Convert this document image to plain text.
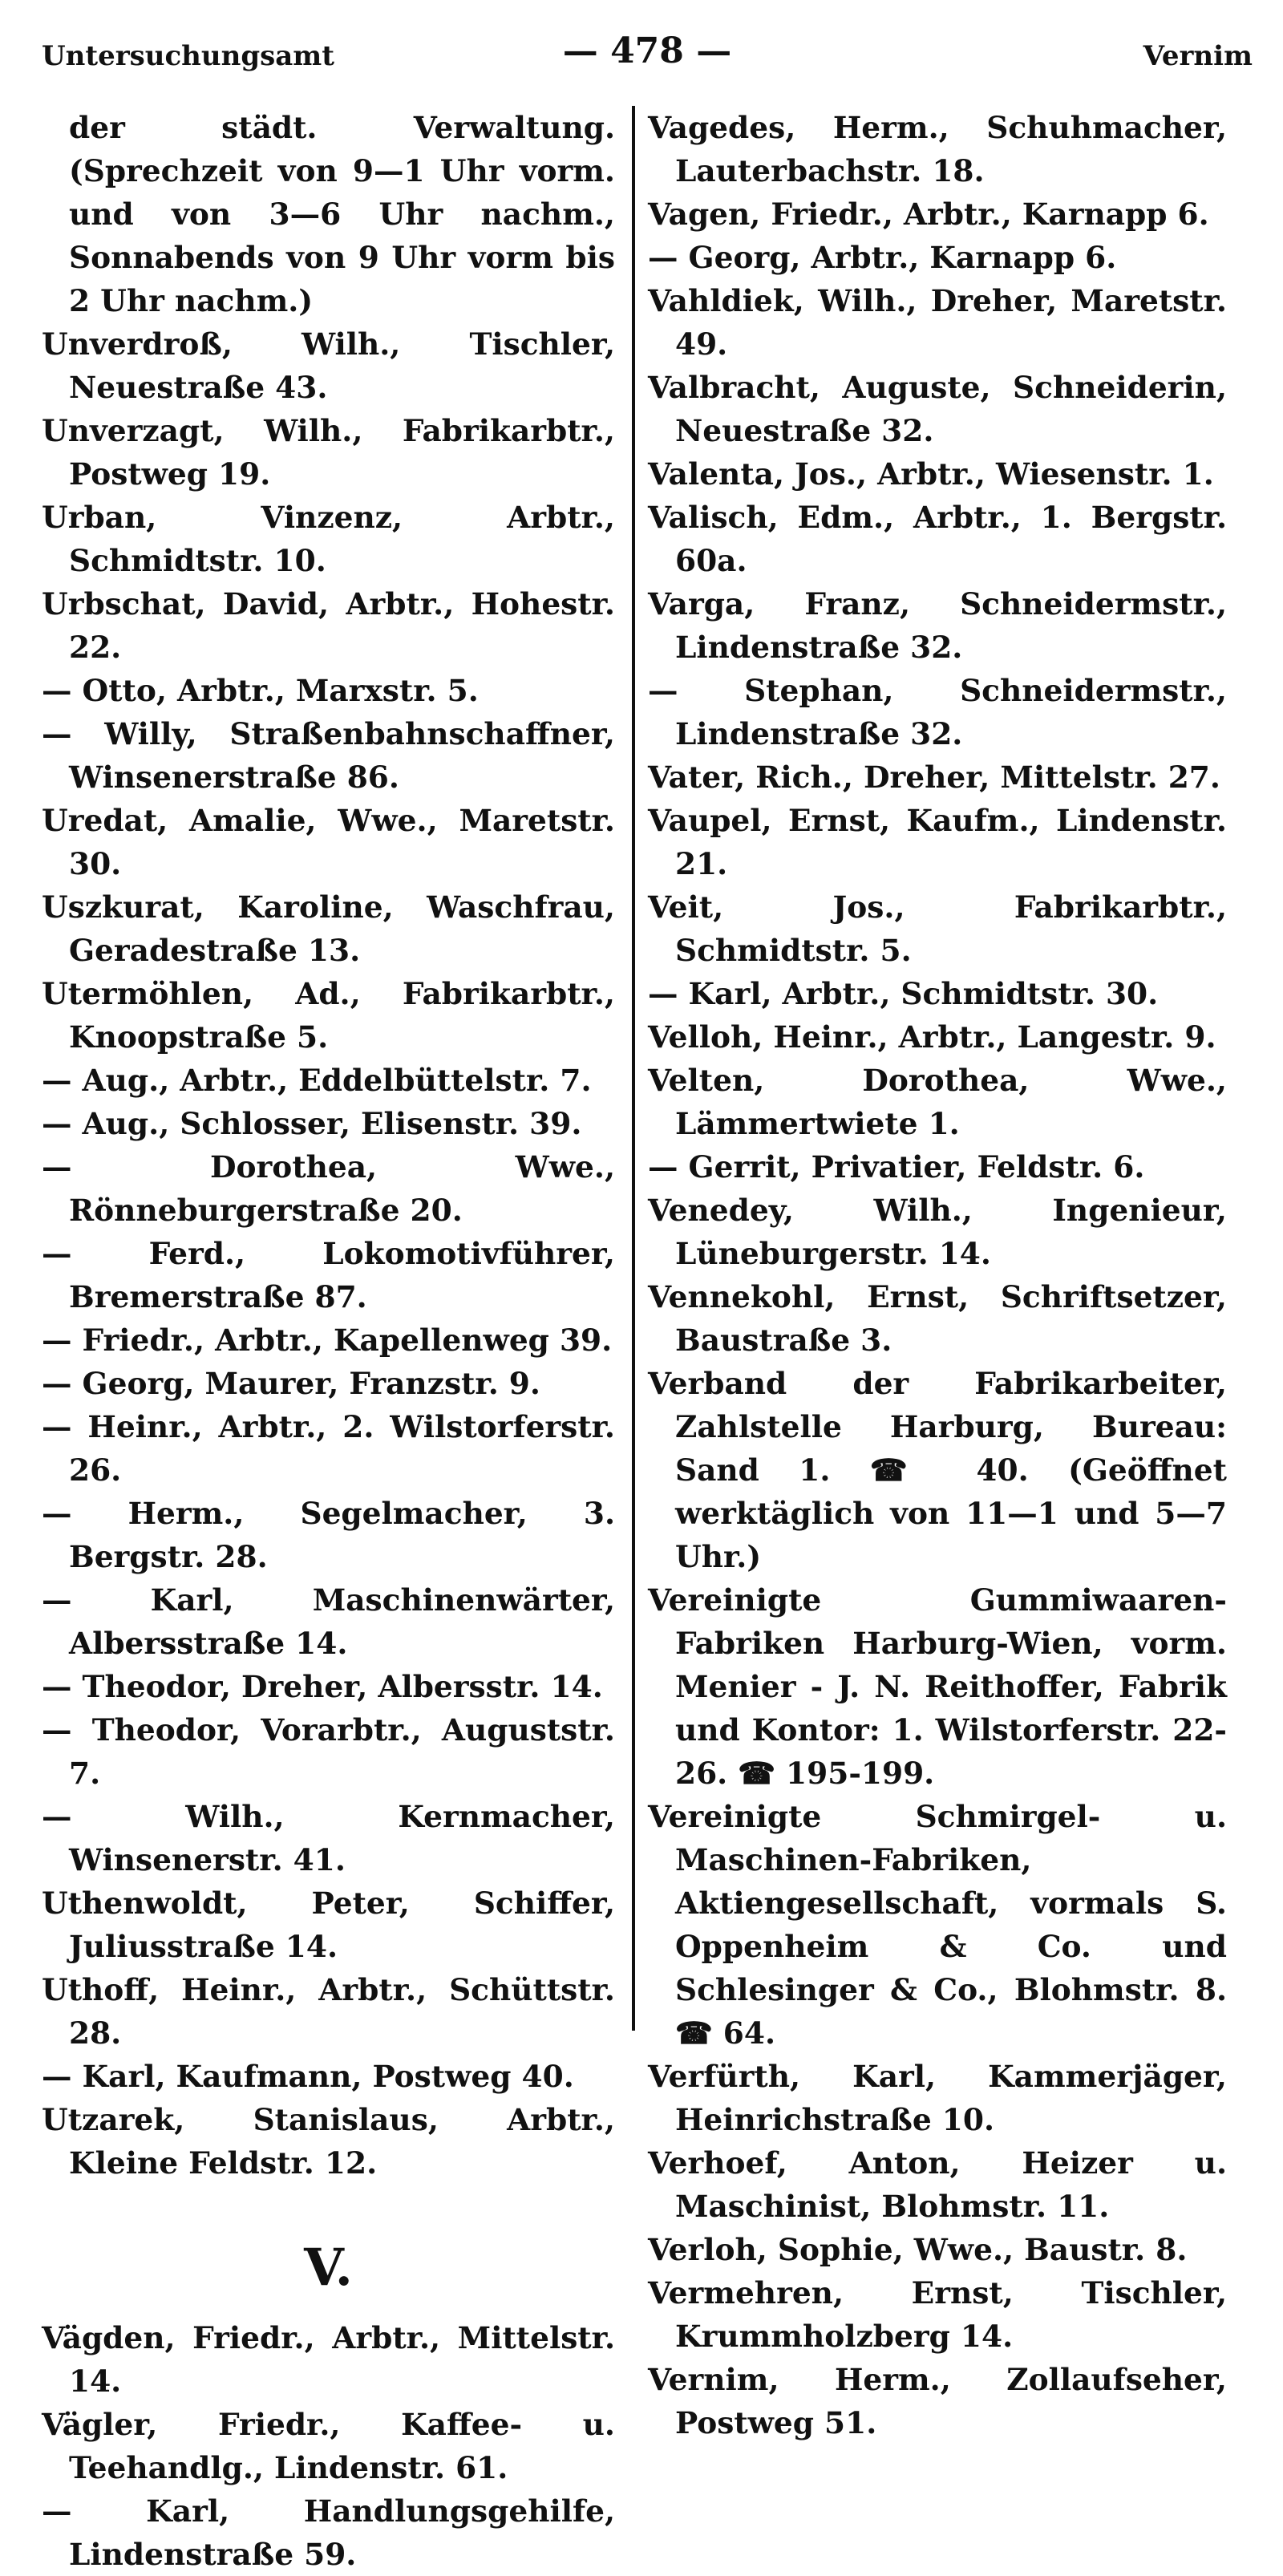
Untersuchungsamt	— 478 —	Vernim
der städt. Verwaltung. (Sprechzeit von 9—1 Uhr vorm. und von 3—6 Uhr nachm., Sonnabends von 9 Uhr vorm bis 2 Uhr nachm.)
Unverdroß, Wilh., Tischler, Neuestraße 43.
Unverzagt, Wilh., Fabrikarbtr., Postweg 19.
Urban, Vinzenz, Arbtr., Schmidtstr. 10.
Urbschat, David, Arbtr., Hohestr. 22.
— Otto, Arbtr., Marxstr. 5.
— Willy, Straßenbahnschaffner, Winsenerstraße 86.
Uredat, Amalie, Wwe., Maretstr. 30.
Uszkurat, Karoline, Waschfrau, Geradestraße 13.
Utermöhlen, Ad., Fabrikarbtr., Knoopstraße 5.
— Aug., Arbtr., Eddelbüttelstr. 7.
— Aug., Schlosser, Elisenstr. 39.
— Dorothea, Wwe., Rönneburgerstraße 20.
— Ferd., Lokomotivführer, Bremerstraße 87.
— Friedr., Arbtr., Kapellenweg 39.
— Georg, Maurer, Franzstr. 9.
— Heinr., Arbtr., 2. Wilstorferstr. 26.
— Herm., Segelmacher, 3. Bergstr. 28.
— Karl, Maschinenwärter, Albersstraße 14.
— Theodor, Dreher, Albersstr. 14.
— Theodor, Vorarbtr., Auguststr. 7.
— Wilh., Kernmacher, Winsenerstr. 41.
Uthenwoldt, Peter, Schiffer, Juliusstraße 14.
Uthoff, Heinr., Arbtr., Schüttstr. 28.
— Karl, Kaufmann, Postweg 40.
Utzarek, Stanislaus, Arbtr., Kleine Feldstr. 12.
V.
Vägden, Friedr., Arbtr., Mittelstr. 14.
Vägler, Friedr., Kaffee- u. Teehandlg., Lindenstr. 61.
— Karl, Handlungsgehilfe, Lindenstraße 59.
Vagedes, Herm., Schuhmacher, Lauterbachstr. 18.
Vagen, Friedr., Arbtr., Karnapp 6.
— Georg, Arbtr., Karnapp 6.
Vahldiek, Wilh., Dreher, Maretstr. 49.
Valbracht, Auguste, Schneiderin, Neuestraße 32.
Valenta, Jos., Arbtr., Wiesenstr. 1.
Valisch, Edm., Arbtr., 1. Bergstr. 60a.
Varga, Franz, Schneidermstr., Lindenstraße 32.
— Stephan, Schneidermstr., Lindenstraße 32.
Vater, Rich., Dreher, Mittelstr. 27.
Vaupel, Ernst, Kaufm., Lindenstr. 21.
Veit, Jos., Fabrikarbtr., Schmidtstr. 5.
— Karl, Arbtr., Schmidtstr. 30.
Velloh, Heinr., Arbtr., Langestr. 9.
Velten, Dorothea, Wwe., Lämmertwiete 1.
— Gerrit, Privatier, Feldstr. 6.
Venedey, Wilh., Ingenieur, Lüneburgerstr. 14.
Vennekohl, Ernst, Schriftsetzer, Baustraße 3.
Verband der Fabrikarbeiter, Zahlstelle Harburg, Bureau: Sand 1. ☎ 40. (Geöffnet werktäglich von 11—1 und 5—7 Uhr.)
Vereinigte Gummiwaaren-Fabriken Harburg-Wien, vorm. Menier - J. N. Reithoffer, Fabrik und Kontor: 1. Wilstorferstr. 22-26. ☎ 195-199.
Vereinigte Schmirgel- u. Maschinen-Fabriken, Aktiengesellschaft, vormals S. Oppenheim & Co. und Schlesinger & Co., Blohmstr. 8. ☎ 64.
Verfürth, Karl, Kammerjäger, Heinrichstraße 10.
Verhoef, Anton, Heizer u. Maschinist, Blohmstr. 11.
Verloh, Sophie, Wwe., Baustr. 8.
Vermehren, Ernst, Tischler, Krummholzberg 14.
Vernim, Herm., Zollaufseher, Postweg 51.
